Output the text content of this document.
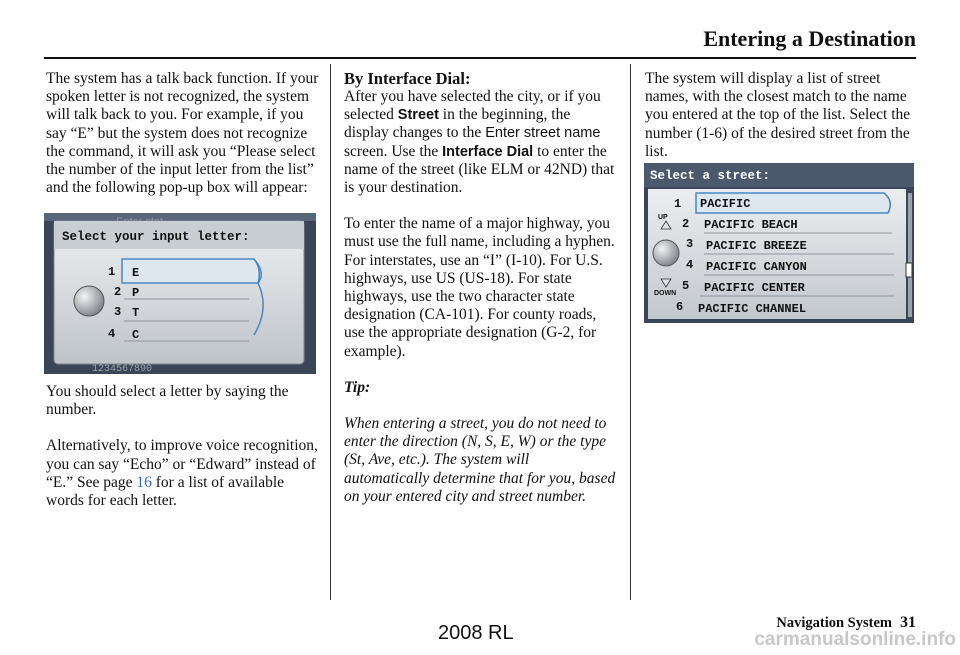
Entering a Destination

The system has a talk back function. If your spoken letter is not recognized, the system will talk back to you. For example, if you say “E” but the system does not recognize the command, it will ask you “Please select the number of the input letter from the list” and the following pop-up box will appear:

Select your input letter:
1
2
3
4
E
P
T
C
1234567890

You should select a letter by saying the number.

Alternatively, to improve voice recognition, you can say “Echo” or “Edward” instead of “E.” See page 16 for a list of available words for each letter.

By Interface Dial:

After you have selected the city, or if you selected Street in the beginning, the display changes to the Enter street name screen. Use the Interface Dial to enter the name of the street (like ELM or 42ND) that is your destination.

To enter the name of a major highway, you must use the full name, including a hyphen. For interstates, use an “I” (I-10). For U.S. highways, use US (US-18). For state highways, use the two character state designation (CA-101). For county roads, use the appropriate designation (G-2, for example).

Tip:

When entering a street, you do not need to enter the direction (N, S, E, W) or the type (St, Ave, etc.). The system will automatically determine that for you, based on your entered city and street number.

The system will display a list of street names, with the closest match to the name you entered at the top of the list. Select the number (1-6) of the desired street from the list.

Select a street:
UP
DOWN
1
2
3
4
5
6
PACIFIC
PACIFIC BEACH
PACIFIC BREEZE
PACIFIC CANYON
PACIFIC CENTER
PACIFIC CHANNEL
Navigation System 31
2008 RL	carmanualsonline.info
